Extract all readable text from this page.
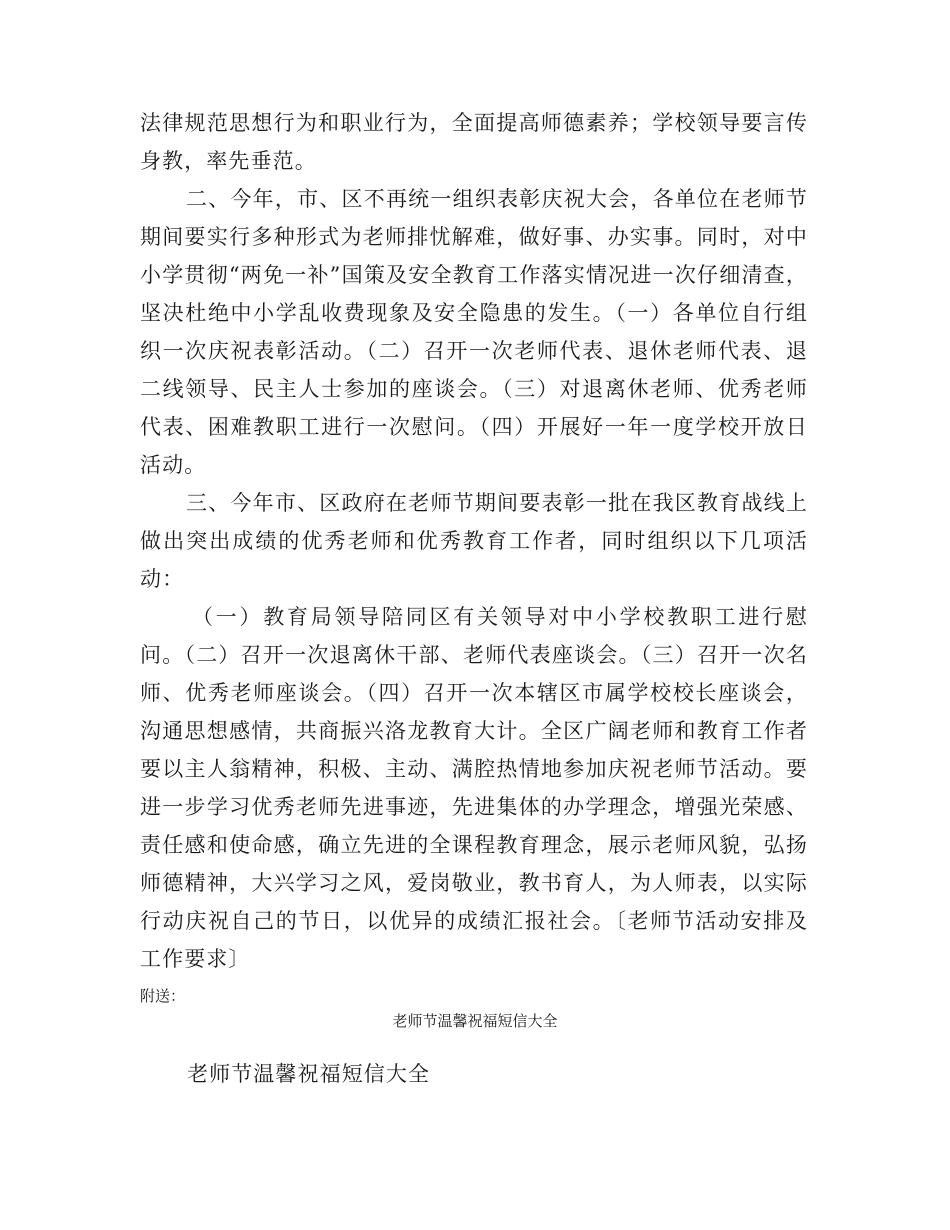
法律规范思想行为和职业行为，全面提高师德素养；学校领导要言传身教，率先垂范。

二、今年，市、区不再统一组织表彰庆祝大会，各单位在老师节期间要实行多种形式为老师排忧解难，做好事、办实事。同时，对中小学贯彻“两免一补”国策及安全教育工作落实情况进一次仔细清查，坚决杜绝中小学乱收费现象及安全隐患的发生。（一）各单位自行组织一次庆祝表彰活动。（二）召开一次老师代表、退休老师代表、退二线领导、民主人士参加的座谈会。（三）对退离休老师、优秀老师代表、困难教职工进行一次慰问。（四）开展好一年一度学校开放日活动。

三、今年市、区政府在老师节期间要表彰一批在我区教育战线上做出突出成绩的优秀老师和优秀教育工作者，同时组织以下几项活动：

（一）教育局领导陪同区有关领导对中小学校教职工进行慰问。（二）召开一次退离休干部、老师代表座谈会。（三）召开一次名师、优秀老师座谈会。（四）召开一次本辖区市属学校校长座谈会，沟通思想感情，共商振兴洛龙教育大计。全区广阔老师和教育工作者要以主人翁精神，积极、主动、满腔热情地参加庆祝老师节活动。要进一步学习优秀老师先进事迹，先进集体的办学理念，增强光荣感、责任感和使命感，确立先进的全课程教育理念，展示老师风貌，弘扬师德精神，大兴学习之风，爱岗敬业，教书育人，为人师表，以实际行动庆祝自己的节日，以优异的成绩汇报社会。〔老师节活动安排及工作要求〕

附送：
老师节温馨祝福短信大全
老师节温馨祝福短信大全
